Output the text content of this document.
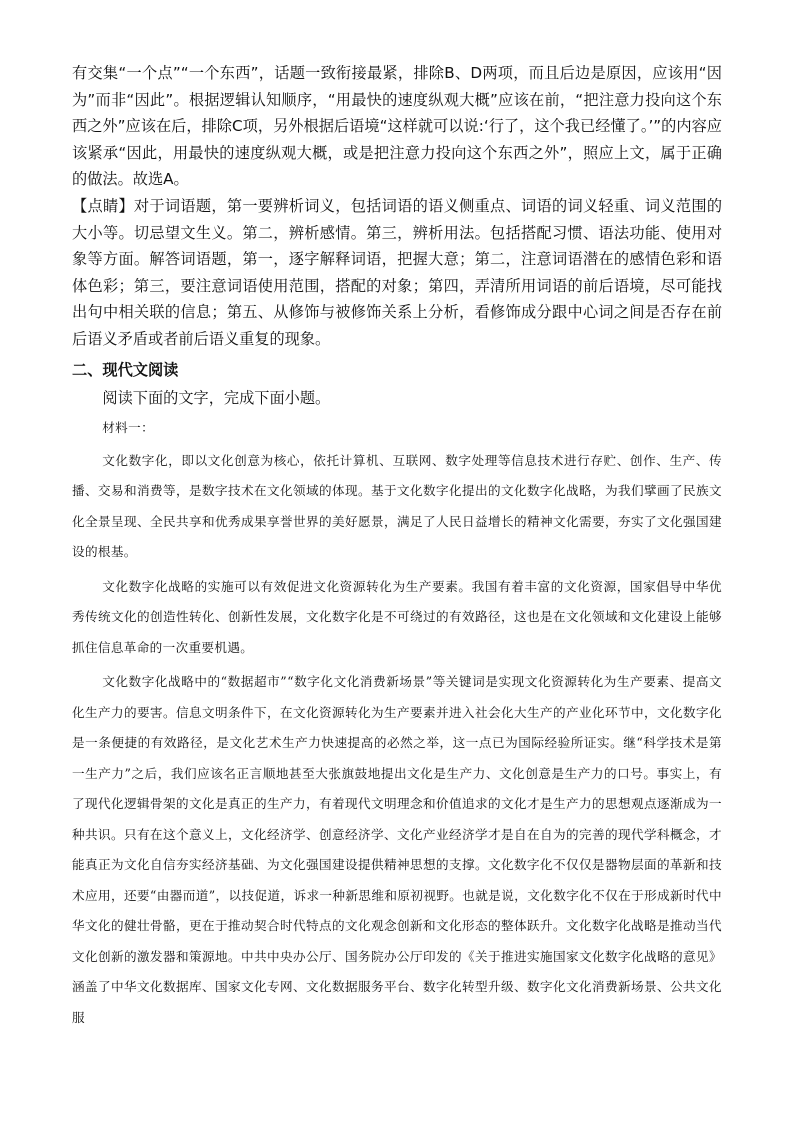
有交集“一个点”“一个东西”，话题一致衔接最紧，排除B、D两项，而且后边是原因，应该用“因为”而非“因此”。根据逻辑认知顺序，“用最快的速度纵观大概”应该在前，“把注意力投向这个东西之外”应该在后，排除C项，另外根据后语境“这样就可以说:‘行了，这个我已经懂了。’”的内容应该紧承“因此，用最快的速度纵观大概，或是把注意力投向这个东西之外”，照应上文，属于正确的做法。故选A。

【点睛】对于词语题，第一要辨析词义，包括词语的语义侧重点、词语的词义轻重、词义范围的大小等。切忌望文生义。第二，辨析感情。第三，辨析用法。包括搭配习惯、语法功能、使用对象等方面。解答词语题，第一，逐字解释词语，把握大意；第二，注意词语潜在的感情色彩和语体色彩；第三，要注意词语使用范围，搭配的对象；第四，弄清所用词语的前后语境，尽可能找出句中相关联的信息；第五、从修饰与被修饰关系上分析，看修饰成分跟中心词之间是否存在前后语义矛盾或者前后语义重复的现象。

二、现代文阅读

阅读下面的文字，完成下面小题。

材料一：

文化数字化，即以文化创意为核心，依托计算机、互联网、数字处理等信息技术进行存贮、创作、生产、传播、交易和消费等，是数字技术在文化领域的体现。基于文化数字化提出的文化数字化战略，为我们擘画了民族文化全景呈现、全民共享和优秀成果享誉世界的美好愿景，满足了人民日益增长的精神文化需要，夯实了文化强国建设的根基。

文化数字化战略的实施可以有效促进文化资源转化为生产要素。我国有着丰富的文化资源，国家倡导中华优秀传统文化的创造性转化、创新性发展，文化数字化是不可绕过的有效路径，这也是在文化领域和文化建设上能够抓住信息革命的一次重要机遇。

文化数字化战略中的“数据超市”“数字化文化消费新场景”等关键词是实现文化资源转化为生产要素、提高文化生产力的要害。信息文明条件下，在文化资源转化为生产要素并进入社会化大生产的产业化环节中，文化数字化是一条便捷的有效路径，是文化艺术生产力快速提高的必然之举，这一点已为国际经验所证实。继“科学技术是第一生产力”之后，我们应该名正言顺地甚至大张旗鼓地提出文化是生产力、文化创意是生产力的口号。事实上，有了现代化逻辑骨架的文化是真正的生产力，有着现代文明理念和价值追求的文化才是生产力的思想观点逐渐成为一种共识。只有在这个意义上，文化经济学、创意经济学、文化产业经济学才是自在自为的完善的现代学科概念，才能真正为文化自信夯实经济基础、为文化强国建设提供精神思想的支撑。文化数字化不仅仅是器物层面的革新和技术应用，还要“由器而道”，以技促道，诉求一种新思维和原初视野。也就是说，文化数字化不仅在于形成新时代中华文化的健壮骨骼，更在于推动契合时代特点的文化观念创新和文化形态的整体跃升。文化数字化战略是推动当代文化创新的激发器和策源地。中共中央办公厅、国务院办公厅印发的《关于推进实施国家文化数字化战略的意见》涵盖了中华文化数据库、国家文化专网、文化数据服务平台、数字化转型升级、数字化文化消费新场景、公共文化服
